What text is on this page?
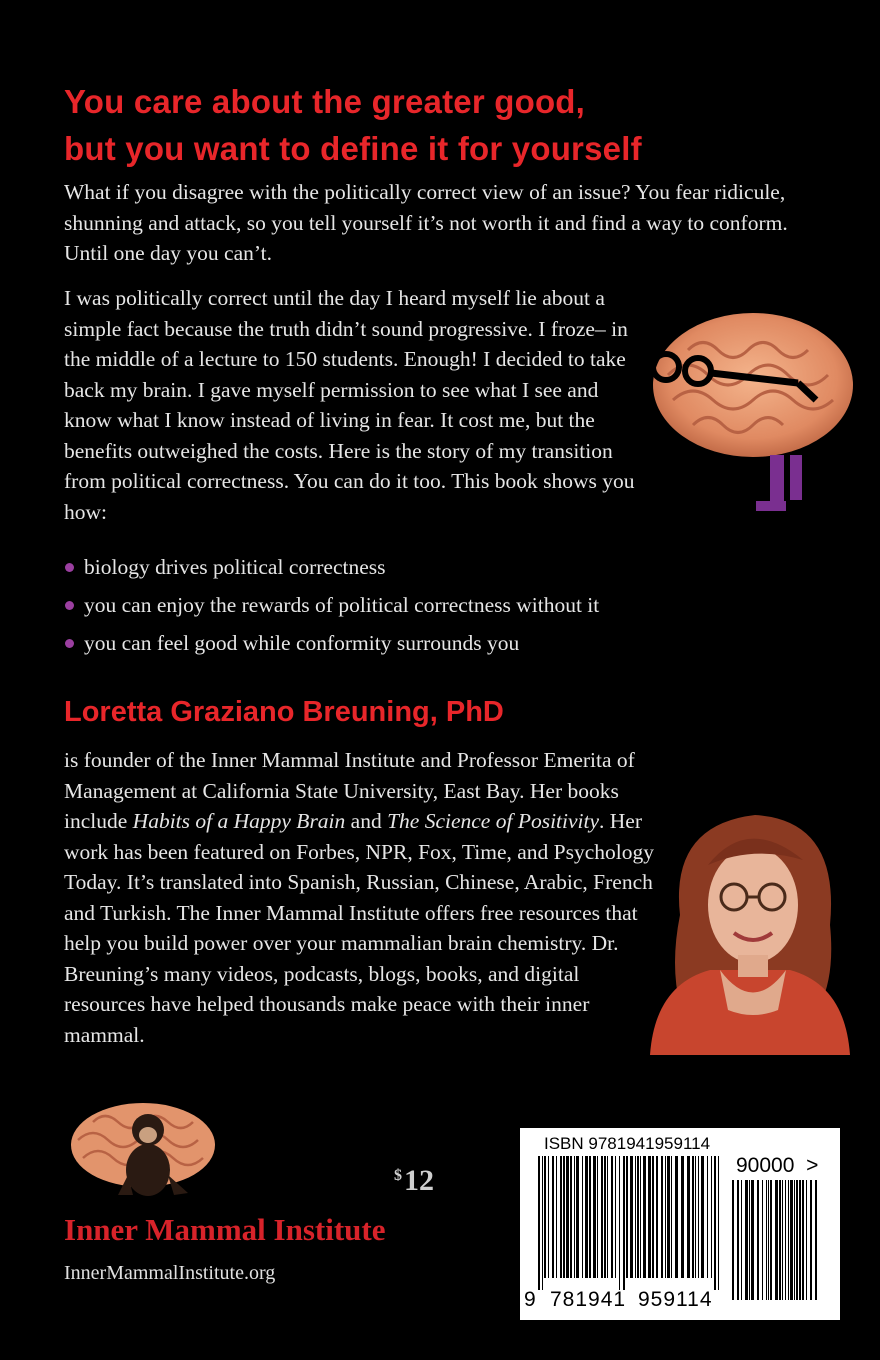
You care about the greater good,
but you want to define it for yourself

What if you disagree with the politically correct view of an issue? You fear ridicule, shunning and attack, so you tell yourself it’s not worth it and find a way to conform. Until one day you can’t.

I was politically correct until the day I heard myself lie about a simple fact because the truth didn’t sound progressive. I froze– in the middle of a lecture to 150 students. Enough! I decided to take back my brain. I gave myself permission to see what I see and know what I know instead of living in fear. It cost me, but the benefits outweighed the costs. Here is the story of my transition from political correctness. You can do it too. This book shows you how:

biology drives political correctness
you can enjoy the rewards of political correctness without it
you can feel good while conformity surrounds you
Loretta Graziano Breuning, PhD

is founder of the Inner Mammal Institute and Professor Emerita of Management at California State University, East Bay. Her books include Habits of a Happy Brain and The Science of Positivity. Her work has been featured on Forbes, NPR, Fox, Time, and Psychology Today. It’s translated into Spanish, Russian, Chinese, Arabic, French and Turkish. The Inner Mammal Institute offers free resources that help you build power over your mammalian brain chemistry. Dr. Breuning’s many videos, podcasts, blogs, books, and digital resources have helped thousands make peace with their inner mammal.

$12
Inner Mammal Institute
InnerMammalInstitute.org
ISBN 9781941959114
90000 >
9 781941 959114
